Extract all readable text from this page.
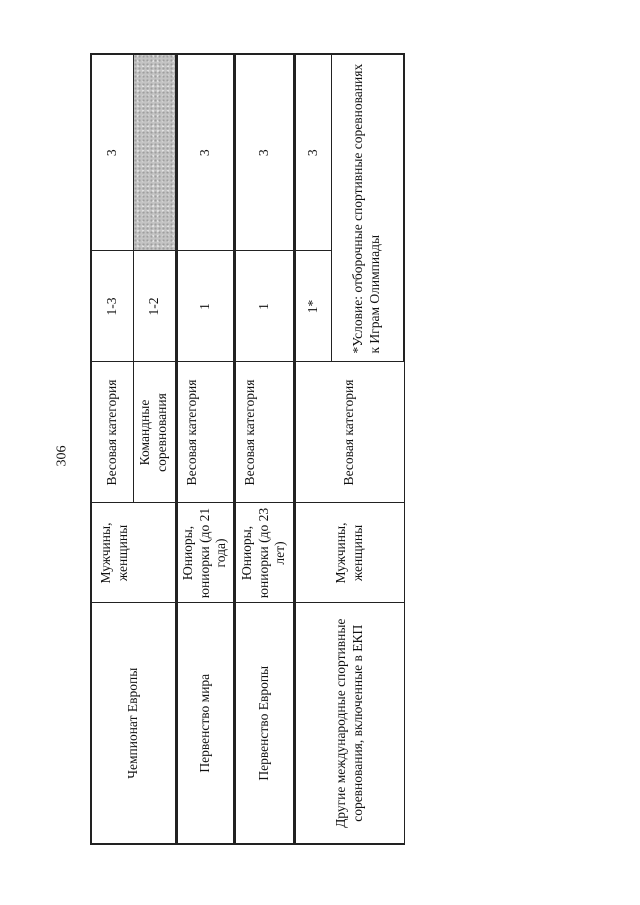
306
Чемпионат Европы	Мужчины, женщины	Весовая категория	1-3	3
		Командные соревнования	1-2	
Первенство мира	Юниоры, юниорки (до 21 года)	Весовая категория	1	3
Первенство Европы	Юниоры, юниорки (до 23 лет)	Весовая категория	1	3
Другие международные спортивные соревнования, включенные в ЕКП	Мужчины, женщины	Весовая категория	1*	3
			*Условие: отборочные спортивные соревнованиях к Играм Олимпиады	
